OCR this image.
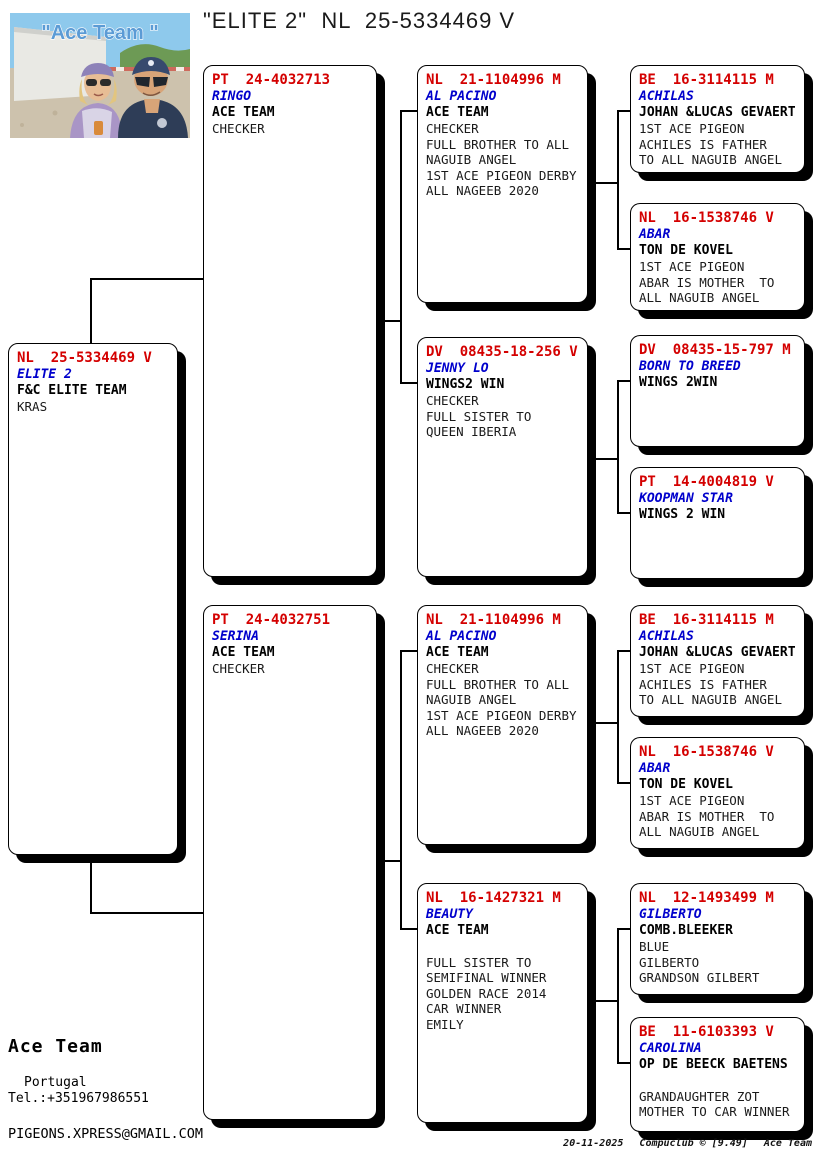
"Ace Team " "ELITE 2"  NL  25-5334469 V
NL  25-5334469 V
ELITE 2
F&C ELITE TEAM
KRAS
PT  24-4032713
RINGO
ACE TEAM
CHECKER
PT  24-4032751
SERINA
ACE TEAM
CHECKER
NL  21-1104996 M
AL PACINO
ACE TEAM
CHECKER
FULL BROTHER TO ALL
NAGUIB ANGEL
1ST ACE PIGEON DERBY
ALL NAGEEB 2020
DV  08435-18-256 V
JENNY LO
WINGS2 WIN
CHECKER
FULL SISTER TO
QUEEN IBERIA
NL  21-1104996 M
AL PACINO
ACE TEAM
CHECKER
FULL BROTHER TO ALL
NAGUIB ANGEL
1ST ACE PIGEON DERBY
ALL NAGEEB 2020
NL  16-1427321 M
BEAUTY
ACE TEAM

FULL SISTER TO
SEMIFINAL WINNER
GOLDEN RACE 2014
CAR WINNER
EMILY
BE  16-3114115 M
ACHILAS
JOHAN &LUCAS GEVAERT
1ST ACE PIGEON
ACHILES IS FATHER
TO ALL NAGUIB ANGEL
NL  16-1538746 V
ABAR
TON DE KOVEL
1ST ACE PIGEON
ABAR IS MOTHER  TO
ALL NAGUIB ANGEL
DV  08435-15-797 M
BORN TO BREED
WINGS 2WIN
PT  14-4004819 V
KOOPMAN STAR
WINGS 2 WIN
BE  16-3114115 M
ACHILAS
JOHAN &LUCAS GEVAERT
1ST ACE PIGEON
ACHILES IS FATHER
TO ALL NAGUIB ANGEL
NL  16-1538746 V
ABAR
TON DE KOVEL
1ST ACE PIGEON
ABAR IS MOTHER  TO
ALL NAGUIB ANGEL
NL  12-1493499 M
GILBERTO
COMB.BLEEKER
BLUE
GILBERTO
GRANDSON GILBERT
BE  11-6103393 V
CAROLINA
OP DE BEECK BAETENS

GRANDAUGHTER ZOT
MOTHER TO CAR WINNER
Ace Team
Portugal
Tel.:+351967986551
PIGEONS.XPRESS@GMAIL.COM
20-11-2025 Compuclub © [9.49] Ace Team
